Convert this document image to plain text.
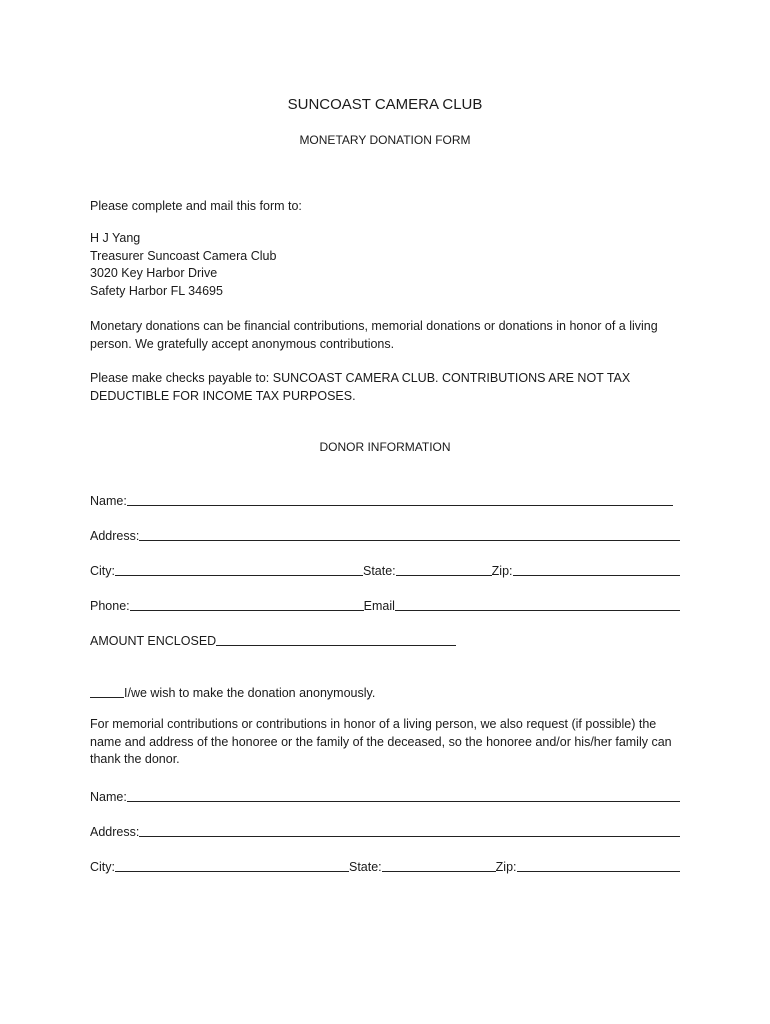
SUNCOAST CAMERA CLUB
MONETARY DONATION FORM
Please complete and mail this form to:
H J Yang
Treasurer Suncoast Camera Club
3020 Key Harbor Drive
Safety Harbor FL 34695
Monetary donations can be financial contributions, memorial donations or donations in honor of a living person. We gratefully accept anonymous contributions.
Please make checks payable to: SUNCOAST CAMERA CLUB. CONTRIBUTIONS ARE NOT TAX DEDUCTIBLE FOR INCOME TAX PURPOSES.
DONOR INFORMATION
Name:
Address:
City:	State:	Zip:
Phone:	Email
AMOUNT ENCLOSED
I/we wish to make the donation anonymously.
For memorial contributions or contributions in honor of a living person, we also request (if possible) the name and address of the honoree or the family of the deceased, so the honoree and/or his/her family can thank the donor.
Name:
Address:
City:	State:	Zip:
